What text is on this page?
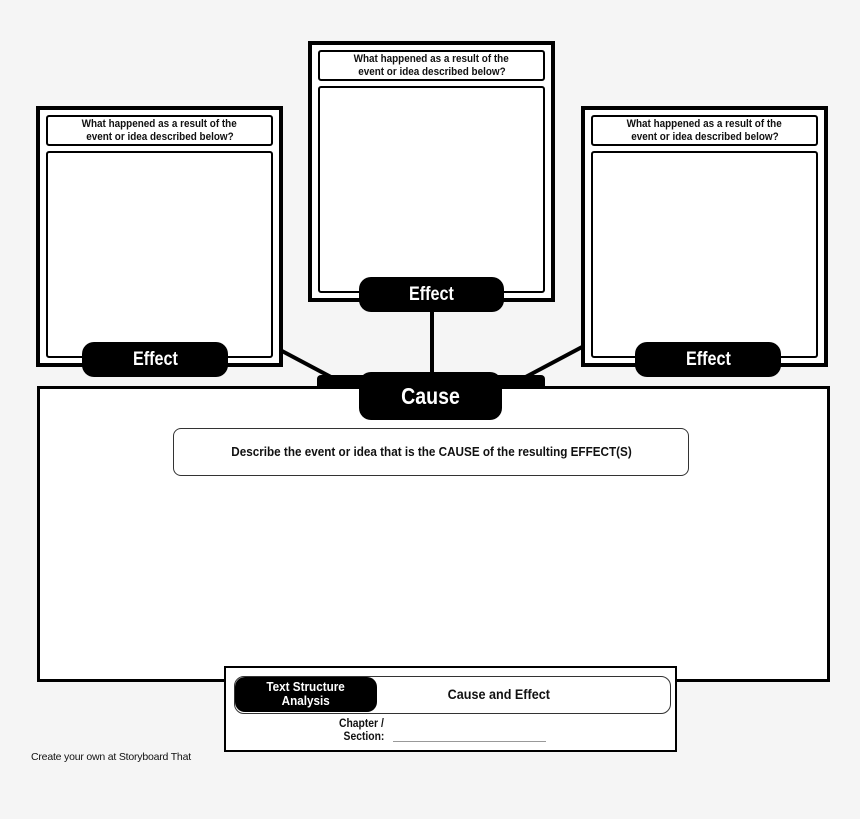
What happened as a result of the
event or idea described below?
Effect
What happened as a result of the
event or idea described below?
Effect
What happened as a result of the
event or idea described below?
Effect
Cause
Describe the event or idea that is the CAUSE of the resulting EFFECT(S)
Text Structure
Analysis	Cause and Effect
Chapter /
Section:
Create your own at Storyboard That
